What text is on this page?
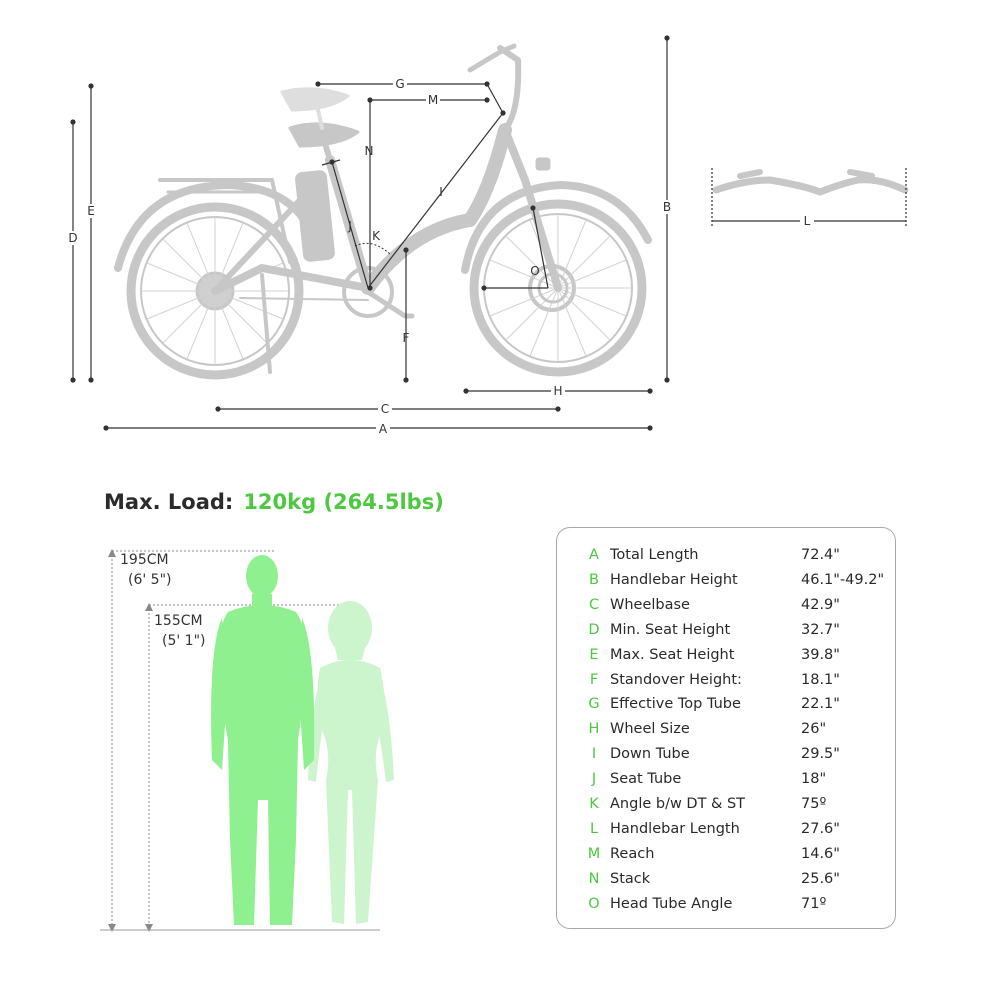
A
B
C
D
E
F
G
H
I
J
K
L
M
N
O
Max. Load: 120kg (264.5lbs)
195CM
(6' 5")
155CM
(5' 1")
A Total Length	72.4"
B Handlebar Height	46.1"-49.2"
C Wheelbase	42.9"
D Min. Seat Height	32.7"
E Max. Seat Height	39.8"
F Standover Height:	18.1"
G Effective Top Tube	22.1"
H Wheel Size	26"
I Down Tube	29.5"
J Seat Tube	18"
K Angle b/w DT & ST	75º
L Handlebar Length	27.6"
M Reach	14.6"
N Stack	25.6"
O Head Tube Angle	71º
